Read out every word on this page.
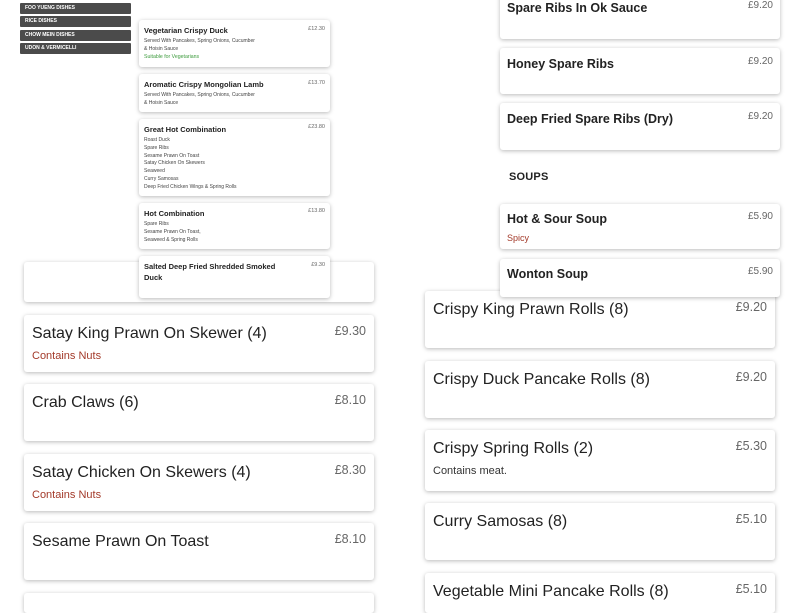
FOO YUENG DISHES
RICE DISHES
CHOW MEIN DISHES
UDON & VERMICELLI
Satay King Prawn On Skewer (4)	£9.30
Contains Nuts
Crab Claws (6)	£8.10
Satay Chicken On Skewers (4)	£8.30
Contains Nuts
Sesame Prawn On Toast	£8.10
Crispy King Prawn Rolls (8)	£9.20
Crispy Duck Pancake Rolls (8)	£9.20
Crispy Spring Rolls (2)	£5.30
Contains meat.
Curry Samosas (8)	£5.10
Vegetable Mini Pancake Rolls (8)	£5.10
Vegetarian Crispy Duck	£12.30
Served With Pancakes, Spring Onions, Cucumber
& Hoisin Sauce
Suitable for Vegetarians
Aromatic Crispy Mongolian Lamb	£13.70
Served With Pancakes, Spring Onions, Cucumber
& Hoisin Sauce
Great Hot Combination	£23.80
Roast Duck
Spare Ribs
Sesame Prawn On Toast
Satay Chicken On Skewers
Seaweed
Curry Samosas
Deep Fried Chicken Wings & Spring Rolls
Hot Combination	£13.80
Spare Ribs
Sesame Prawn On Toast,
Seaweed & Spring Rolls
Salted Deep Fried Shredded Smoked Duck
£9.30
Spare Ribs In Ok Sauce	£9.20
Honey Spare Ribs	£9.20
Deep Fried Spare Ribs (Dry)	£9.20
SOUPS
Hot & Sour Soup	£5.90
Spicy
Wonton Soup	£5.90
